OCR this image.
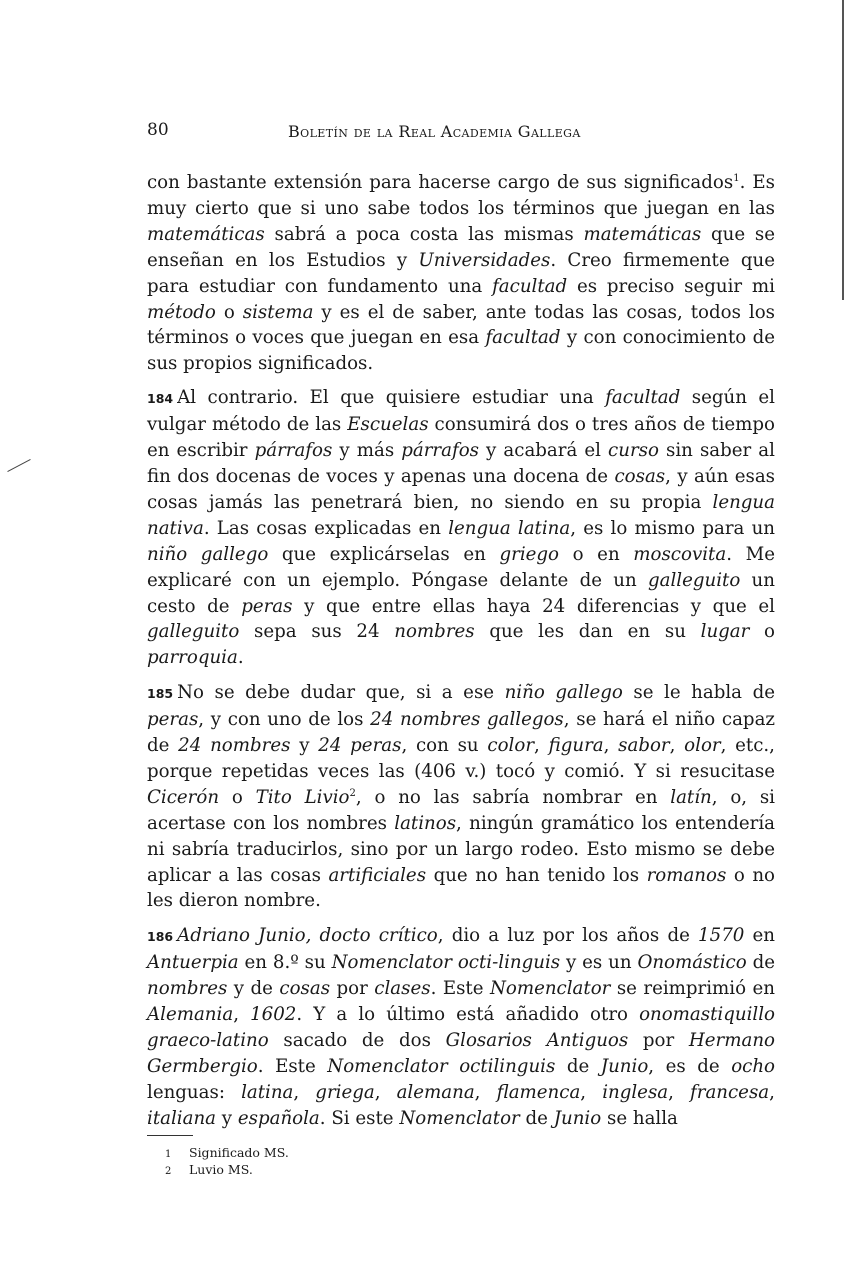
80	Boletín de la Real Academia Gallega

con bastante extensión para hacerse cargo de sus significados$^1$. Es muy cierto que si uno sabe todos los términos que juegan en las matemáticas sabrá a poca costa las mismas matemáticas que se enseñan en los Estudios y Universidades. Creo firmemente que para estudiar con fundamento una facultad es preciso seguir mi método o sistema y es el de saber, ante todas las cosas, todos los términos o voces que juegan en esa facultad y con conocimiento de sus propios significados.

184 Al contrario. El que quisiere estudiar una facultad según el vulgar método de las Escuelas consumirá dos o tres años de tiempo en escribir párrafos y más párrafos y acabará el curso sin saber al fin dos docenas de voces y apenas una docena de cosas, y aún esas cosas jamás las penetrará bien, no siendo en su propia lengua nativa. Las cosas explicadas en lengua latina, es lo mismo para un niño gallego que explicárselas en griego o en moscovita. Me explicaré con un ejemplo. Póngase delante de un galleguito un cesto de peras y que entre ellas haya 24 diferencias y que el galleguito sepa sus 24 nombres que les dan en su lugar o parroquia.

185 No se debe dudar que, si a ese niño gallego se le habla de peras, y con uno de los 24 nombres gallegos, se hará el niño capaz de 24 nombres y 24 peras, con su color, figura, sabor, olor, etc., porque repetidas veces las (406 v.) tocó y comió. Y si resucitase Cicerón o Tito Livio$^2$, o no las sabría nombrar en latín, o, si acertase con los nombres latinos, ningún gramático los entendería ni sabría traducirlos, sino por un largo rodeo. Esto mismo se debe aplicar a las cosas artificiales que no han tenido los romanos o no les dieron nombre.

186 Adriano Junio, docto crítico, dio a luz por los años de 1570 en Antuerpia en 8.º su Nomenclator octi-linguis y es un Onomástico de nombres y de cosas por clases. Este Nomenclator se reimprimió en Alemania, 1602. Y a lo último está añadido otro onomastiquillo graeco-latino sacado de dos Glosarios Antiguos por Hermano Germbergio. Este Nomenclator octilinguis de Junio, es de ocho lenguas: latina, griega, alemana, flamenca, inglesa, francesa, italiana y española. Si este Nomenclator de Junio se halla

1 Significado MS.
2 Luvio MS.
